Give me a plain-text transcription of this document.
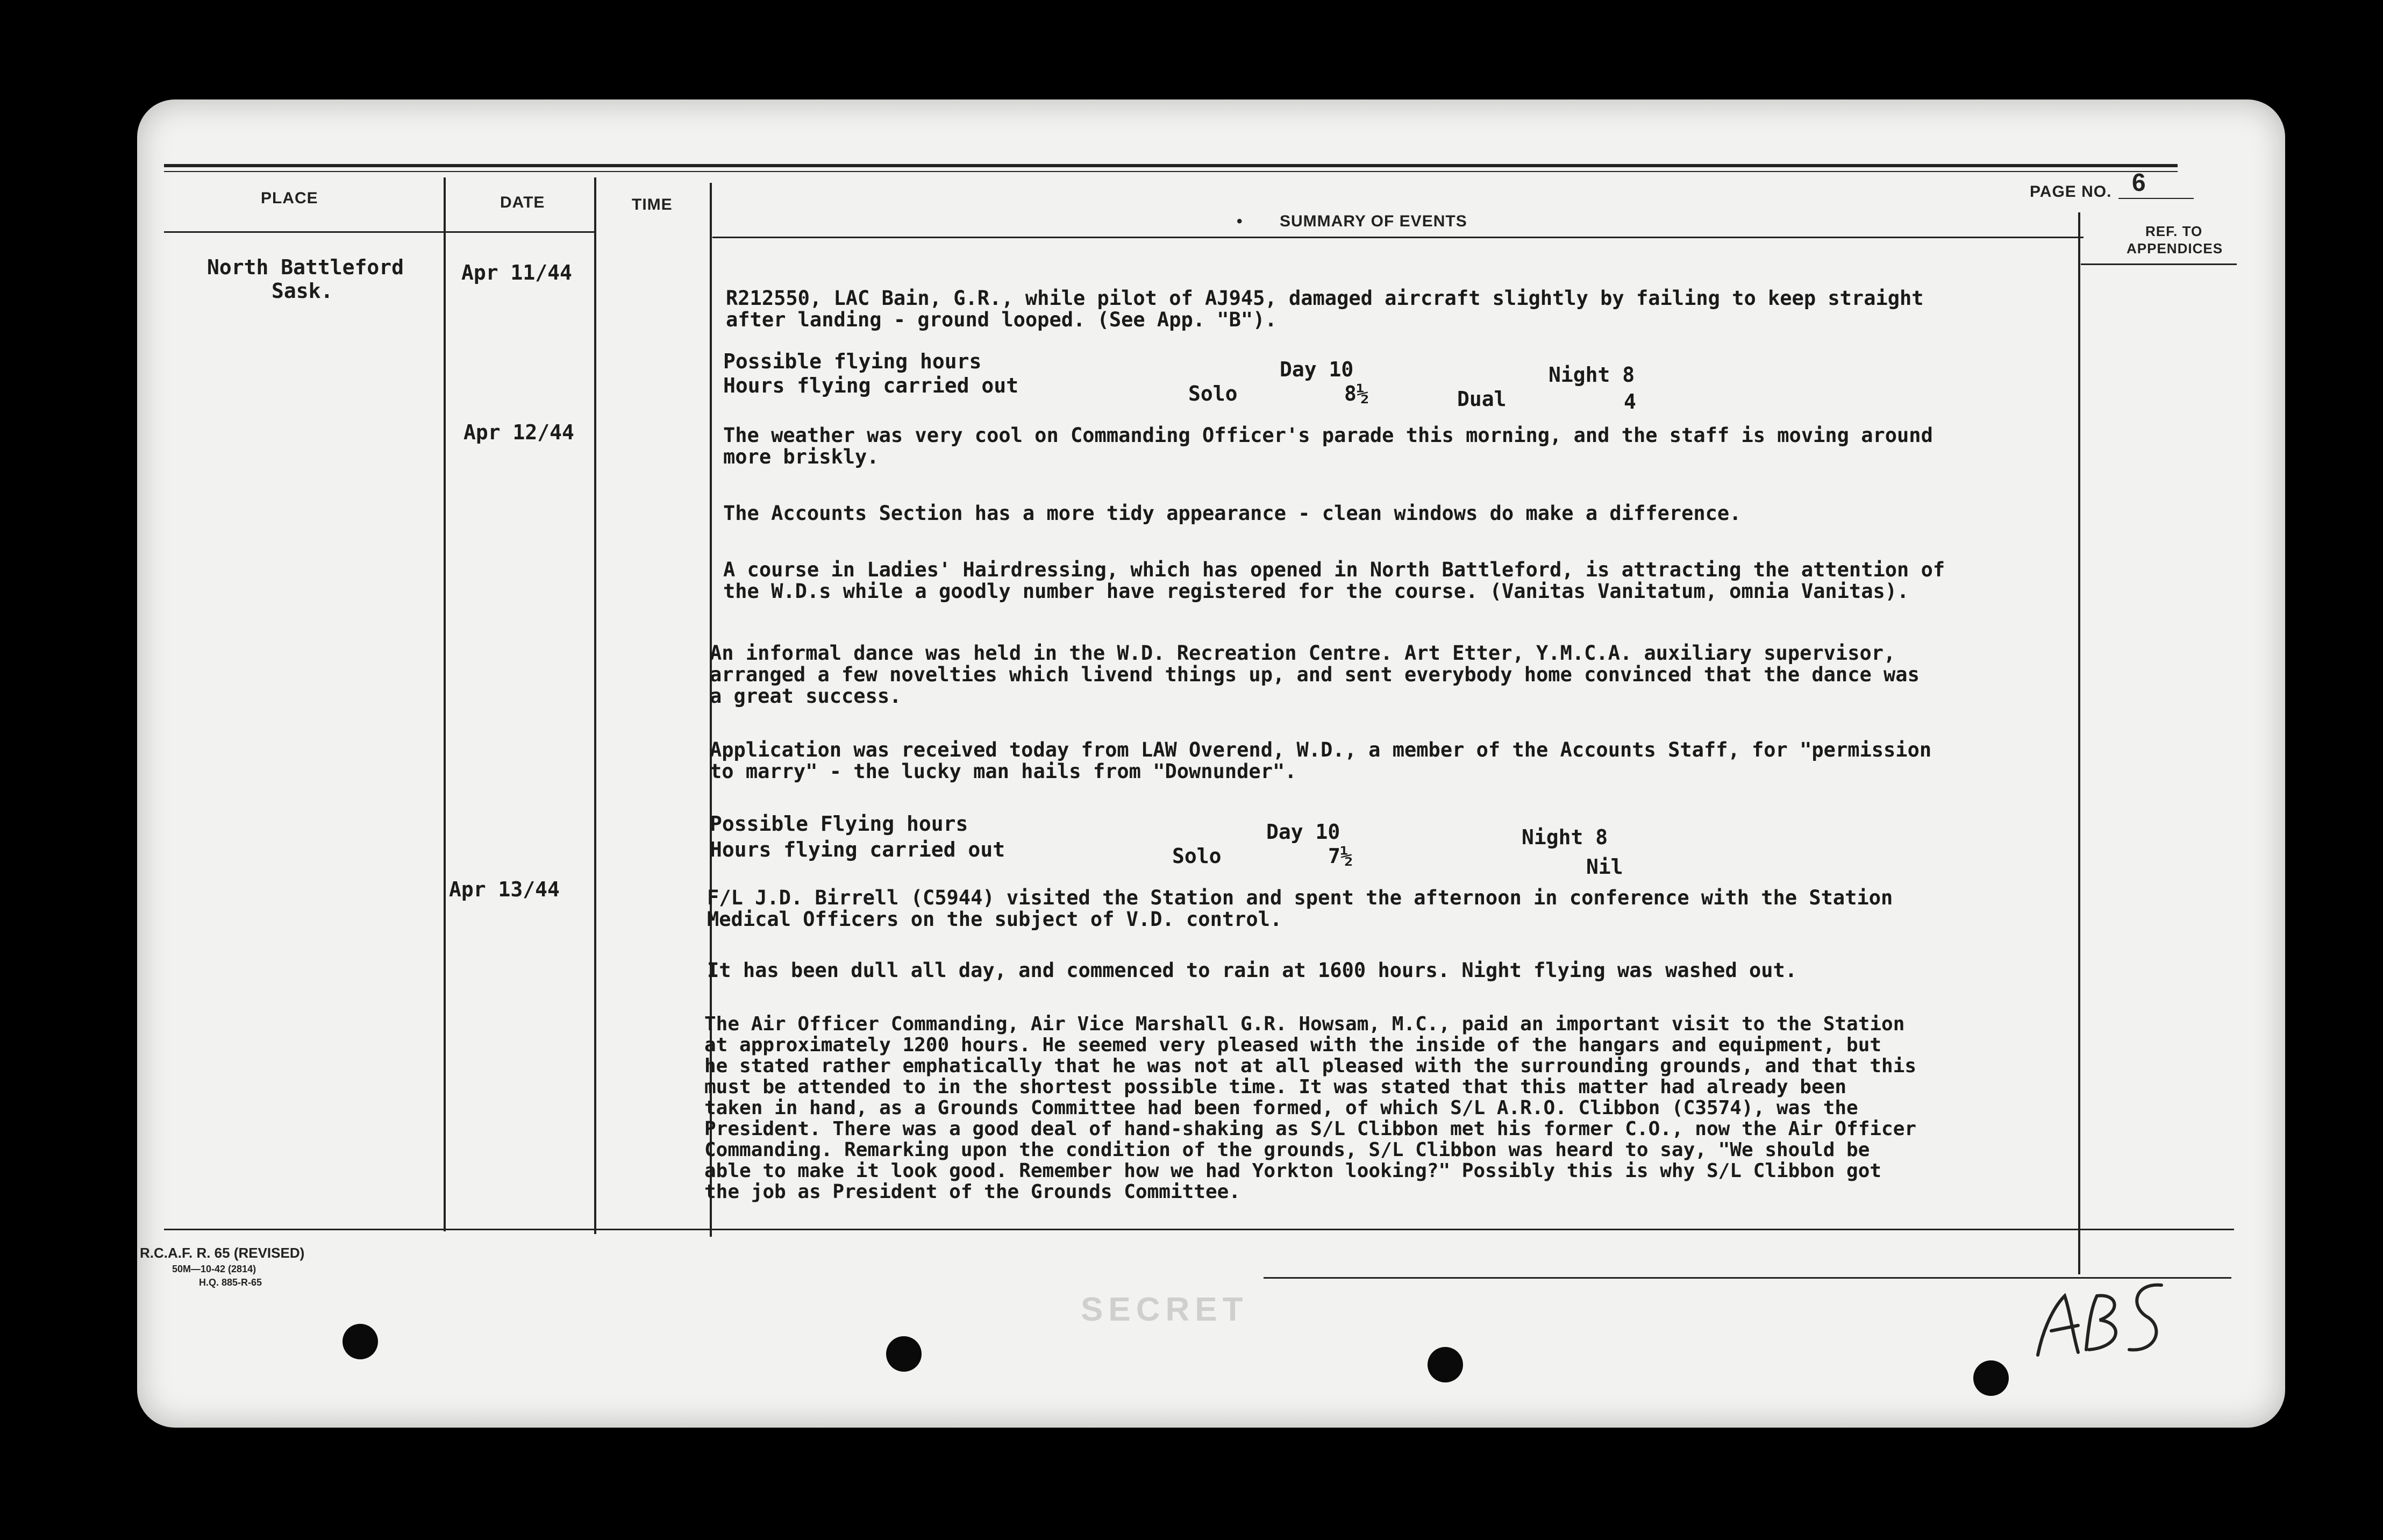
PLACE	DATE	TIME
SUMMARY OF EVENTS
•
PAGE NO. 6
REF. TO
APPENDICES
North Battleford
Sask.
Apr 11/44
Apr 12/44
Apr 13/44
R212550, LAC Bain, G.R., while pilot of AJ945, damaged aircraft slightly by failing to keep straight
after landing - ground looped. (See App. "B").
Possible flying hours
Hours flying carried out
Day 10	Night 8
Solo	8½	Dual	4
The weather was very cool on Commanding Officer's parade this morning, and the staff is moving around
more briskly.
The Accounts Section has a more tidy appearance - clean windows do make a difference.
A course in Ladies' Hairdressing, which has opened in North Battleford, is attracting the attention of
the W.D.s while a goodly number have registered for the course. (Vanitas Vanitatum, omnia Vanitas).
An informal dance was held in the W.D. Recreation Centre. Art Etter, Y.M.C.A. auxiliary supervisor,
arranged a few novelties which livend things up, and sent everybody home convinced that the dance was
a great success.
Application was received today from LAW Overend, W.D., a member of the Accounts Staff, for "permission
to marry" - the lucky man hails from "Downunder".
Possible Flying hours
Hours flying carried out
Day 10	Night 8
Solo	7½	Nil
F/L J.D. Birrell (C5944) visited the Station and spent the afternoon in conference with the Station
Medical Officers on the subject of V.D. control.
It has been dull all day, and commenced to rain at 1600 hours. Night flying was washed out.
The Air Officer Commanding, Air Vice Marshall G.R. Howsam, M.C., paid an important visit to the Station
at approximately 1200 hours. He seemed very pleased with the inside of the hangars and equipment, but
he stated rather emphatically that he was not at all pleased with the surrounding grounds, and that this
must be attended to in the shortest possible time. It was stated that this matter had already been
taken in hand, as a Grounds Committee had been formed, of which S/L A.R.O. Clibbon (C3574), was the
President. There was a good deal of hand-shaking as S/L Clibbon met his former C.O., now the Air Officer
Commanding. Remarking upon the condition of the grounds, S/L Clibbon was heard to say, "We should be
able to make it look good. Remember how we had Yorkton looking?" Possibly this is why S/L Clibbon got
the job as President of the Grounds Committee.
R.C.A.F. R. 65 (REVISED)
50M—10-42 (2814)
H.Q. 885-R-65
SECRET
